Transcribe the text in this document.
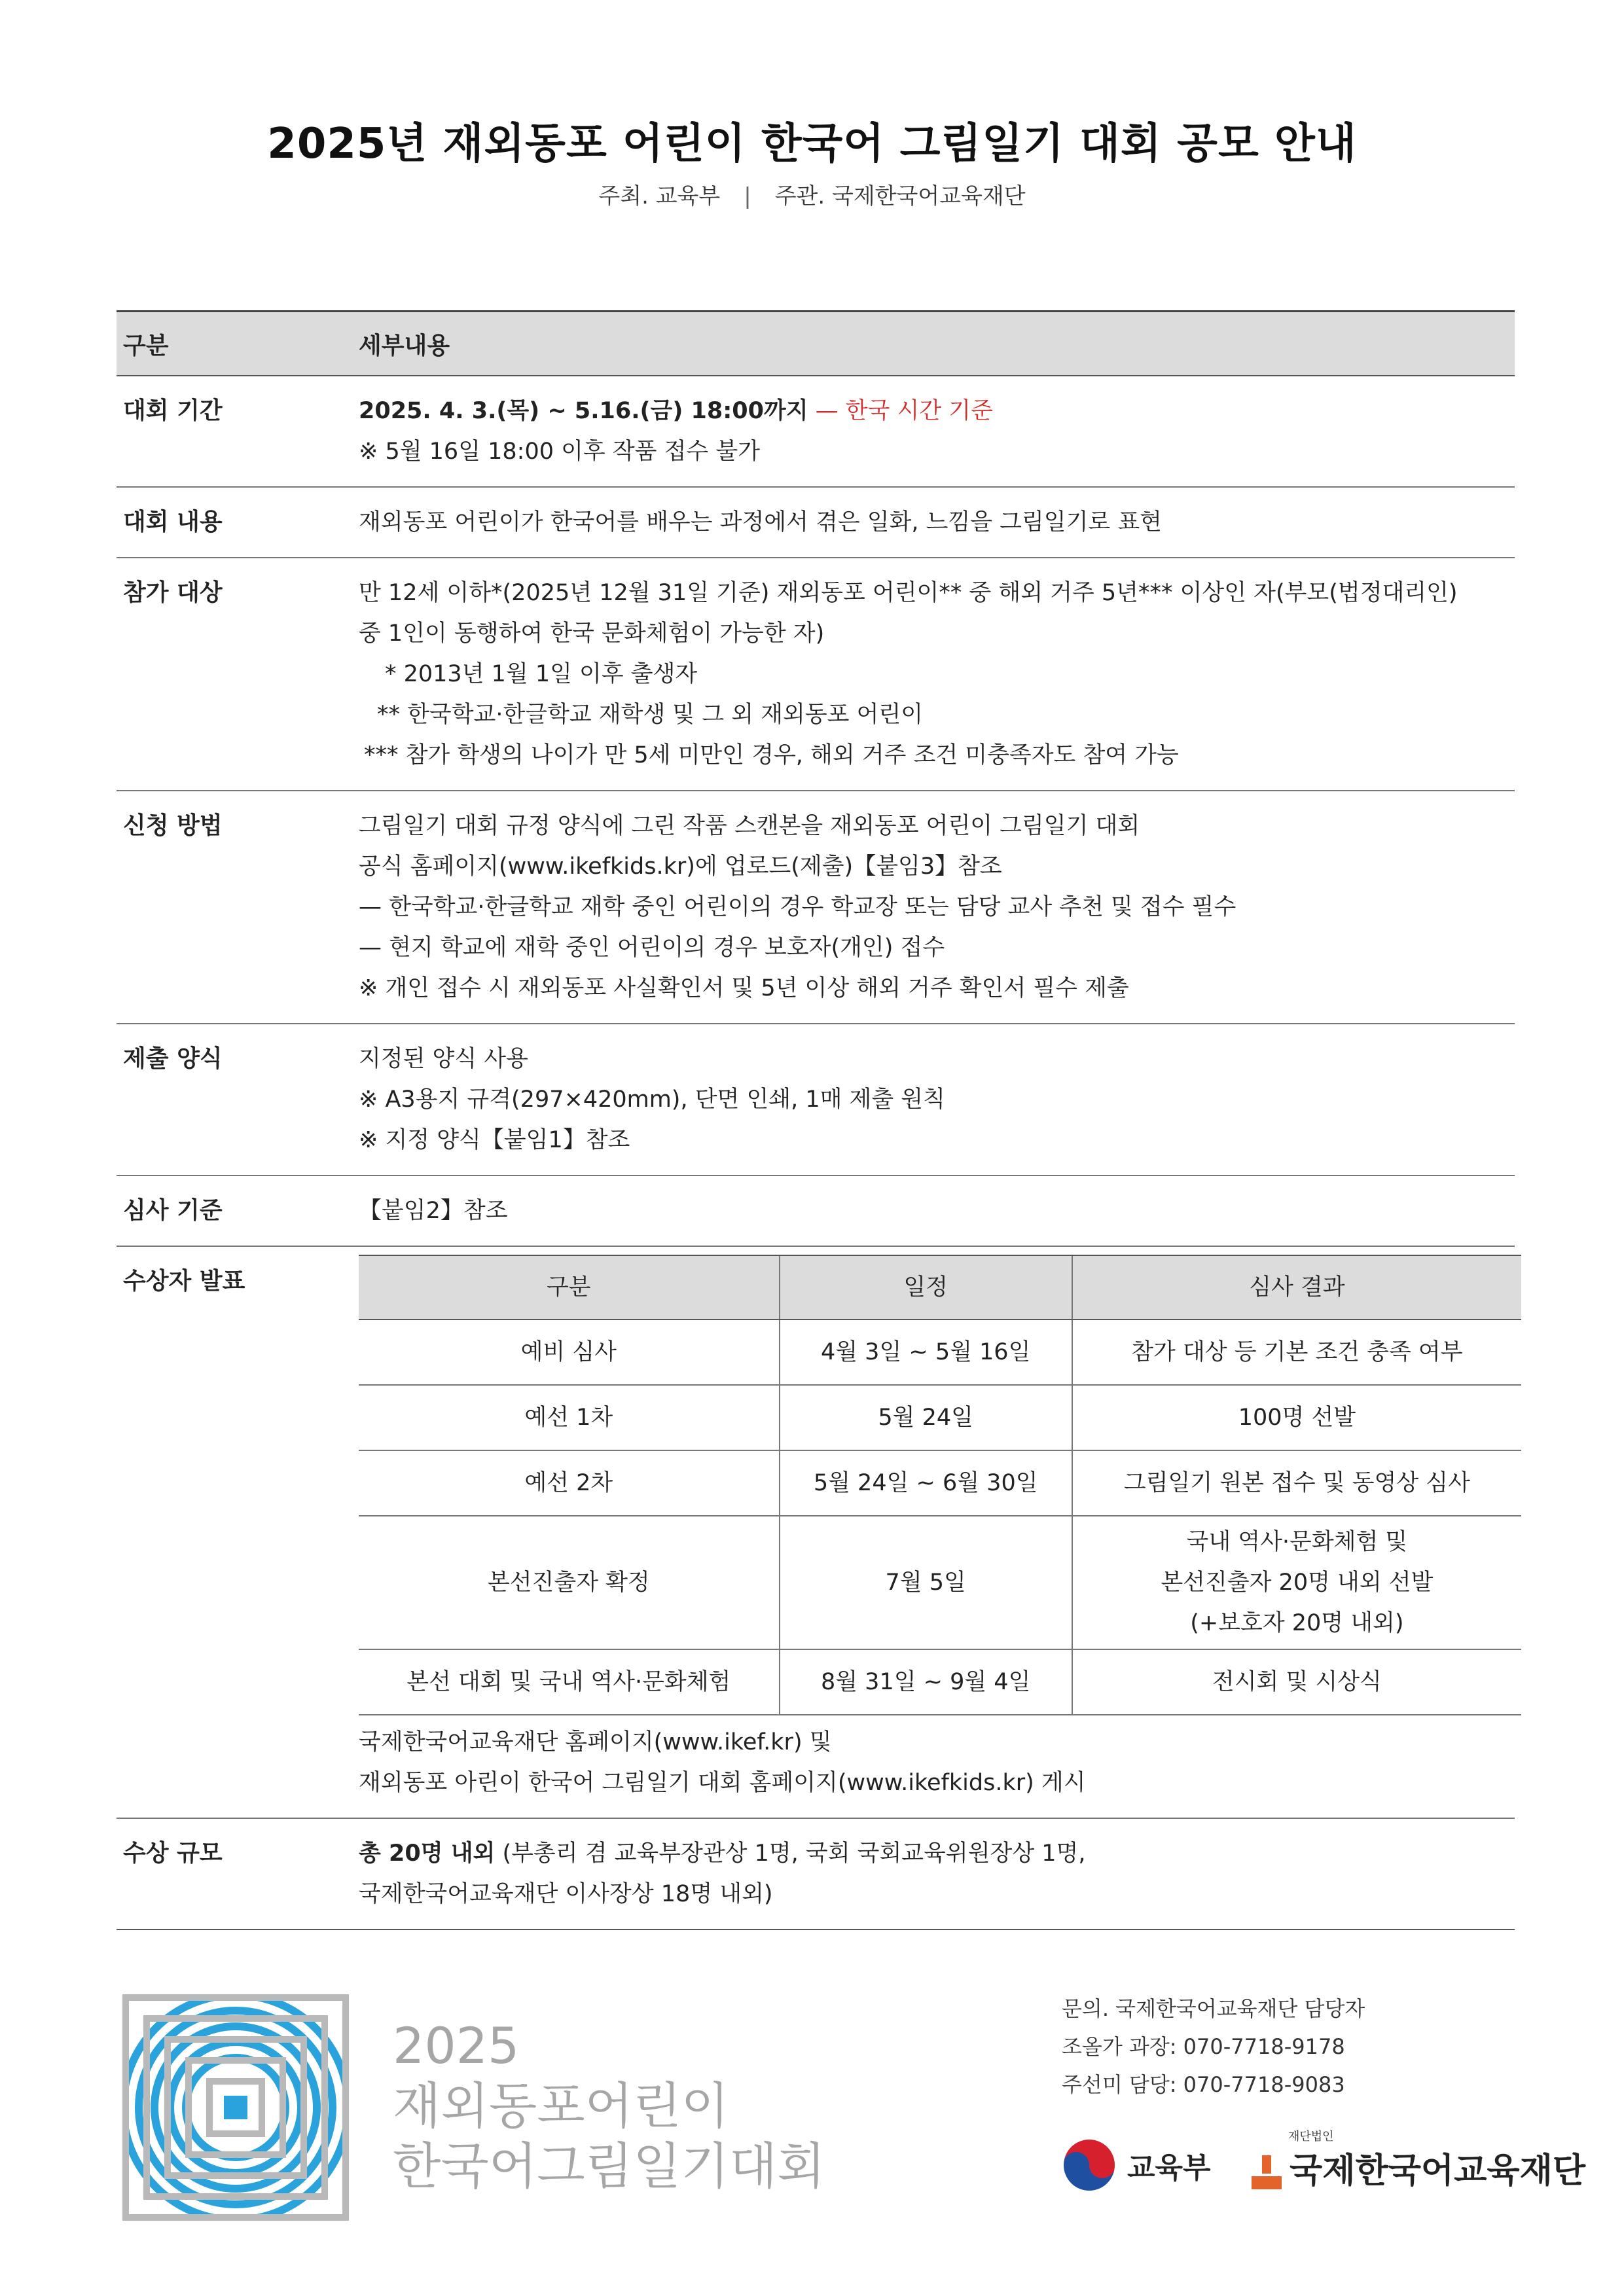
2025년 재외동포 어린이 한국어 그림일기 대회 공모 안내
주최. 교육부 | 주관. 국제한국어교육재단
구분	세부내용
대회 기간	2025. 4. 3.(목) ~ 5.16.(금) 18:00까지 — 한국 시간 기준
※ 5월 16일 18:00 이후 작품 접수 불가
대회 내용	재외동포 어린이가 한국어를 배우는 과정에서 겪은 일화, 느낌을 그림일기로 표현
참가 대상	만 12세 이하*(2025년 12월 31일 기준) 재외동포 어린이** 중 해외 거주 5년*** 이상인 자(부모(법정대리인)
중 1인이 동행하여 한국 문화체험이 가능한 자)
* 2013년 1월 1일 이후 출생자
** 한국학교·한글학교 재학생 및 그 외 재외동포 어린이
*** 참가 학생의 나이가 만 5세 미만인 경우, 해외 거주 조건 미충족자도 참여 가능
신청 방법	그림일기 대회 규정 양식에 그린 작품 스캔본을 재외동포 어린이 그림일기 대회
공식 홈페이지(www.ikefkids.kr)에 업로드(제출)【붙임3】참조
— 한국학교·한글학교 재학 중인 어린이의 경우 학교장 또는 담당 교사 추천 및 접수 필수
— 현지 학교에 재학 중인 어린이의 경우 보호자(개인) 접수
※ 개인 접수 시 재외동포 사실확인서 및 5년 이상 해외 거주 확인서 필수 제출
제출 양식	지정된 양식 사용
※ A3용지 규격(297×420mm), 단면 인쇄, 1매 제출 원칙
※ 지정 양식【붙임1】참조
심사 기준	【붙임2】참조
수상자 발표	구분	일정	심사 결과
예비 심사	4월 3일 ~ 5월 16일	참가 대상 등 기본 조건 충족 여부
예선 1차	5월 24일	100명 선발
예선 2차	5월 24일 ~ 6월 30일	그림일기 원본 접수 및 동영상 심사
본선진출자 확정	7월 5일	국내 역사·문화체험 및
본선진출자 20명 내외 선발
(+보호자 20명 내외)

본선 대회 및 국내 역사·문화체험	8월 31일 ~ 9월 4일	전시회 및 시상식
국제한국어교육재단 홈페이지(www.ikef.kr) 및
재외동포 아린이 한국어 그림일기 대회 홈페이지(www.ikefkids.kr) 게시
수상 규모	총 20명 내외 (부총리 겸 교육부장관상 1명, 국회 국회교육위원장상 1명,
국제한국어교육재단 이사장상 18명 내외)
2025
재외동포어린이
한국어그림일기대회
문의. 국제한국어교육재단 담당자
조올가 과장: 070-7718-9178
주선미 담당: 070-7718-9083
교육부
재단법인
국제한국어교육재단
